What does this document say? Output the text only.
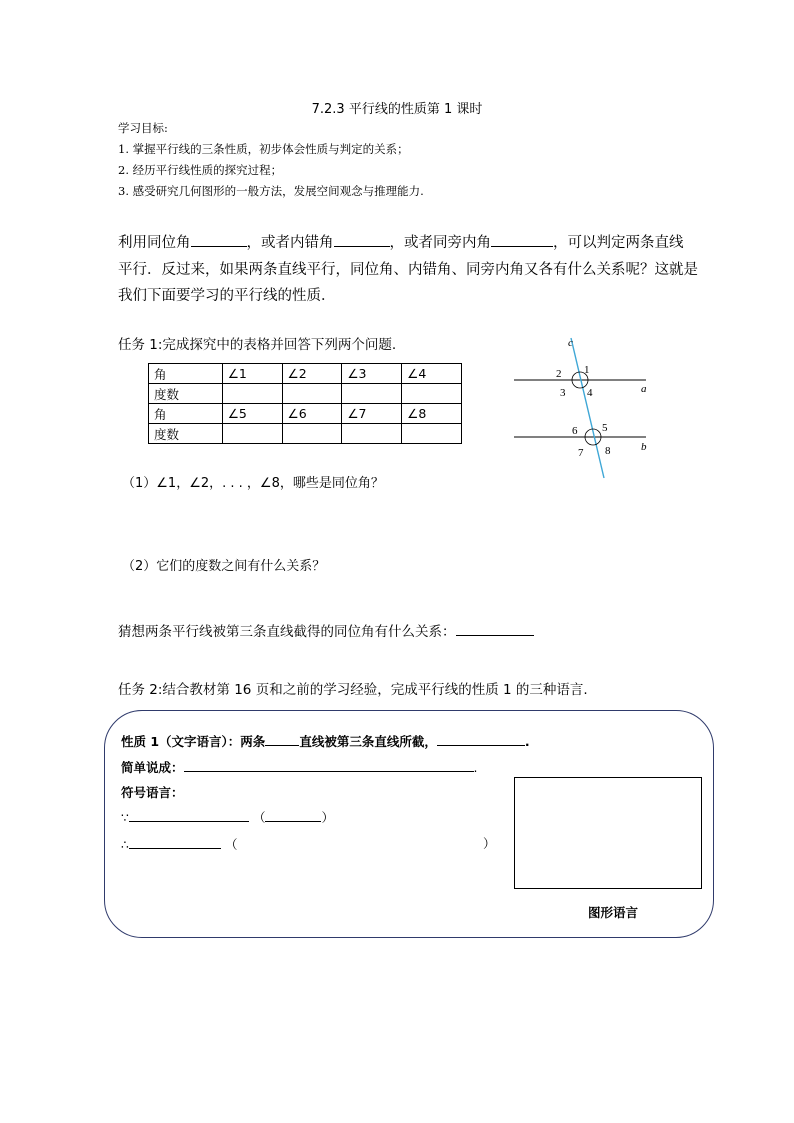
7.2.3 平行线的性质第 1 课时
学习目标:
1. 掌握平行线的三条性质，初步体会性质与判定的关系；
2. 经历平行线性质的探究过程；
3. 感受研究几何图形的一般方法，发展空间观念与推理能力.
利用同位角	，或者内错角	，或者同旁内角	，可以判定两条直线
平行．反过来，如果两条直线平行，同位角、内错角、同旁内角又各有什么关系呢？这就是
我们下面要学习的平行线的性质．
任务 1:完成探究中的表格并回答下列两个问题.
角	∠1	∠2	∠3	∠4
度数				
角	∠5	∠6	∠7	∠8
度数				
c
a
b
1
2
3 4
5
6
7 8
（1）∠1，∠2，. . . ，∠8，哪些是同位角？
（2）它们的度数之间有什么关系？
猜想两条平行线被第三条直线截得的同位角有什么关系：
任务 2:结合教材第 16 页和之前的学习经验，完成平行线的性质 1 的三种语言.
性质 1（文字语言）：两条	直线被第三条直线所截，	.
简单说成：	.
符号语言：
∵	（	）
∴	（	）
图形语言
